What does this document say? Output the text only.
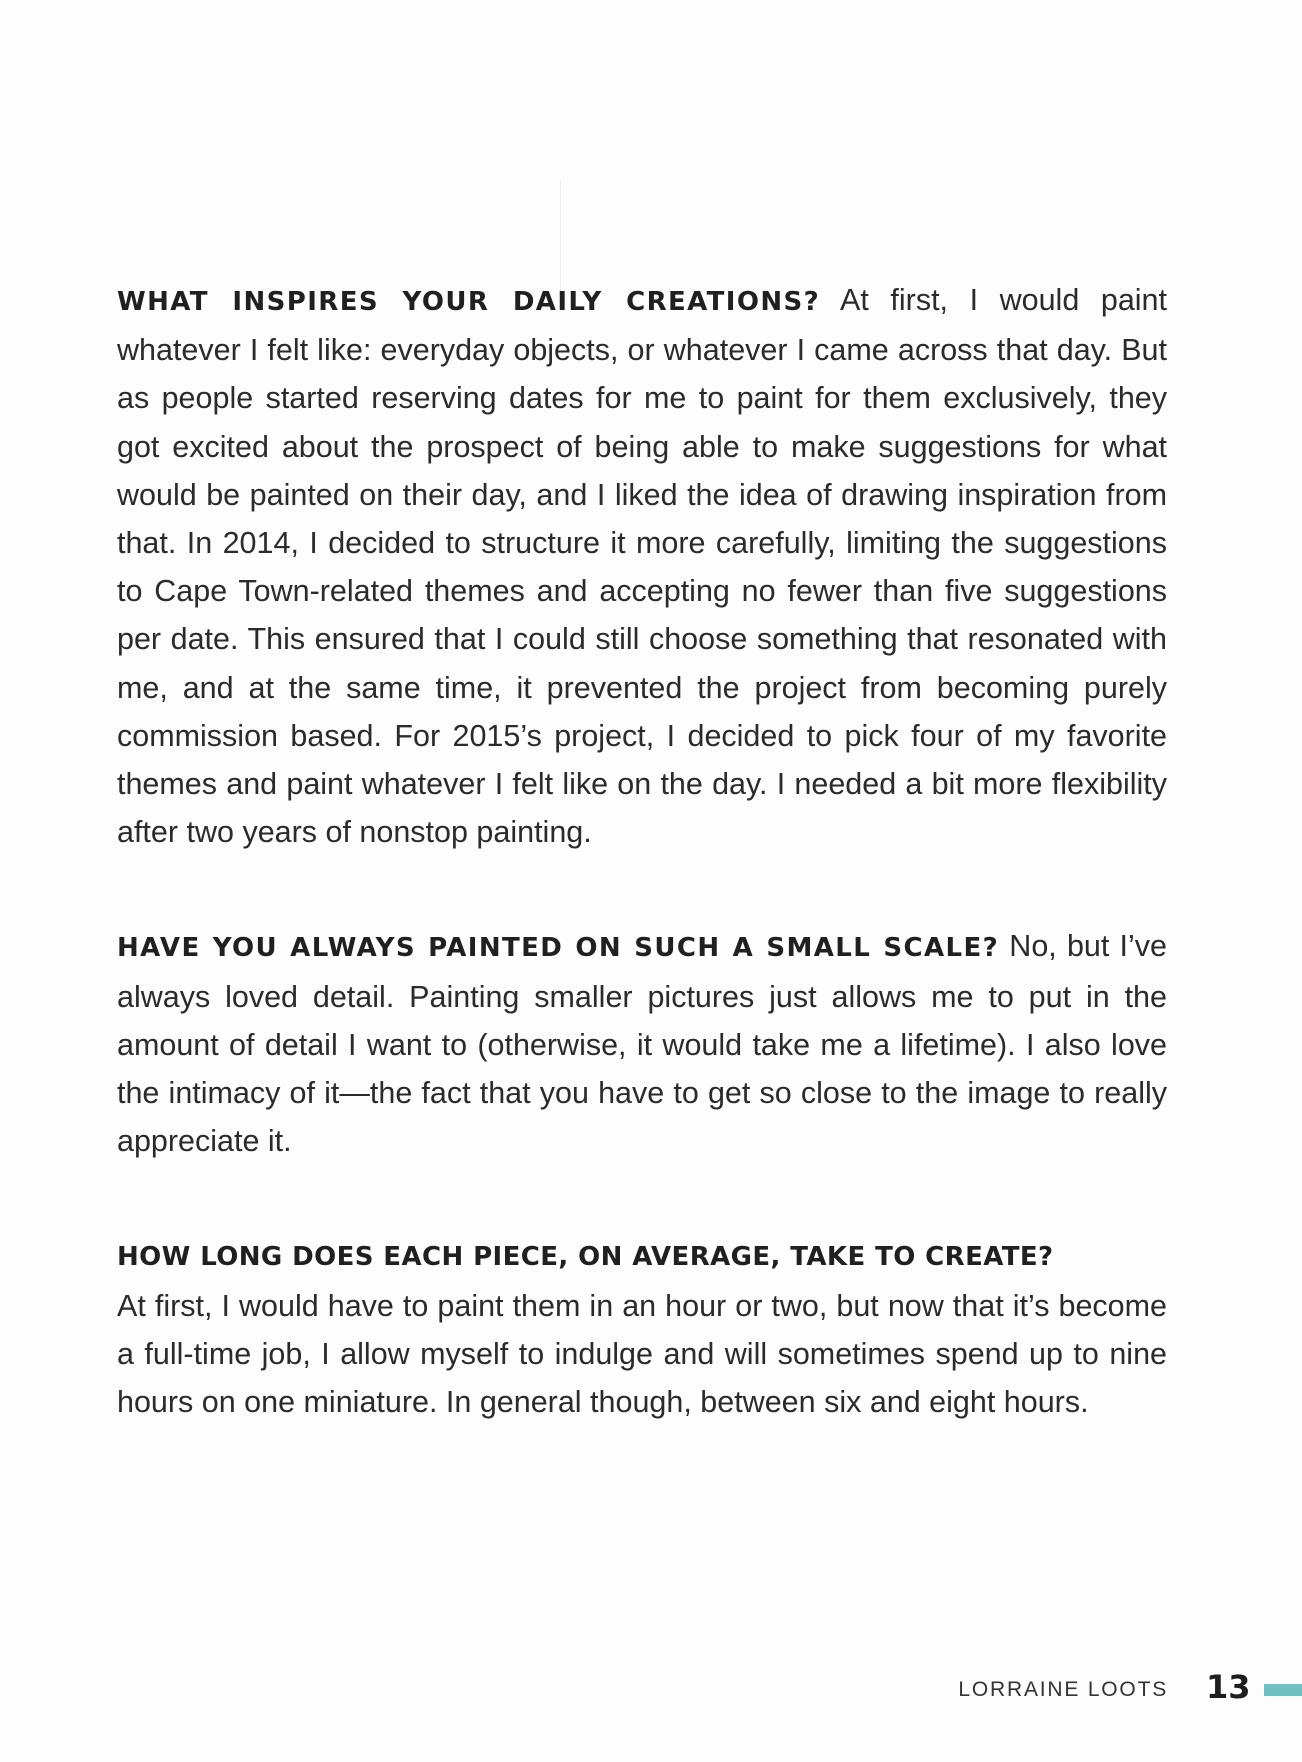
WHAT INSPIRES YOUR DAILY CREATIONS? At first, I would paint whatever I felt like: everyday objects, or whatever I came across that day. But as people started reserving dates for me to paint for them exclusively, they got excited about the prospect of being able to make suggestions for what would be painted on their day, and I liked the idea of drawing inspiration from that. In 2014, I decided to structure it more carefully, limiting the suggestions to Cape Town-related themes and accepting no fewer than five suggestions per date. This ensured that I could still choose something that resonated with me, and at the same time, it prevented the project from becoming purely commission based. For 2015’s project, I decided to pick four of my favorite themes and paint whatever I felt like on the day. I needed a bit more flexibility after two years of nonstop painting.

HAVE YOU ALWAYS PAINTED ON SUCH A SMALL SCALE? No, but I’ve always loved detail. Painting smaller pictures just allows me to put in the amount of detail I want to (otherwise, it would take me a lifetime). I also love the intimacy of it—the fact that you have to get so close to the image to really appreciate it.

HOW LONG DOES EACH PIECE, ON AVERAGE, TAKE TO CREATE?
At first, I would have to paint them in an hour or two, but now that it’s become a full-time job, I allow myself to indulge and will sometimes spend up to nine hours on one miniature. In general though, between six and eight hours.

LORRAINE LOOTS 13
